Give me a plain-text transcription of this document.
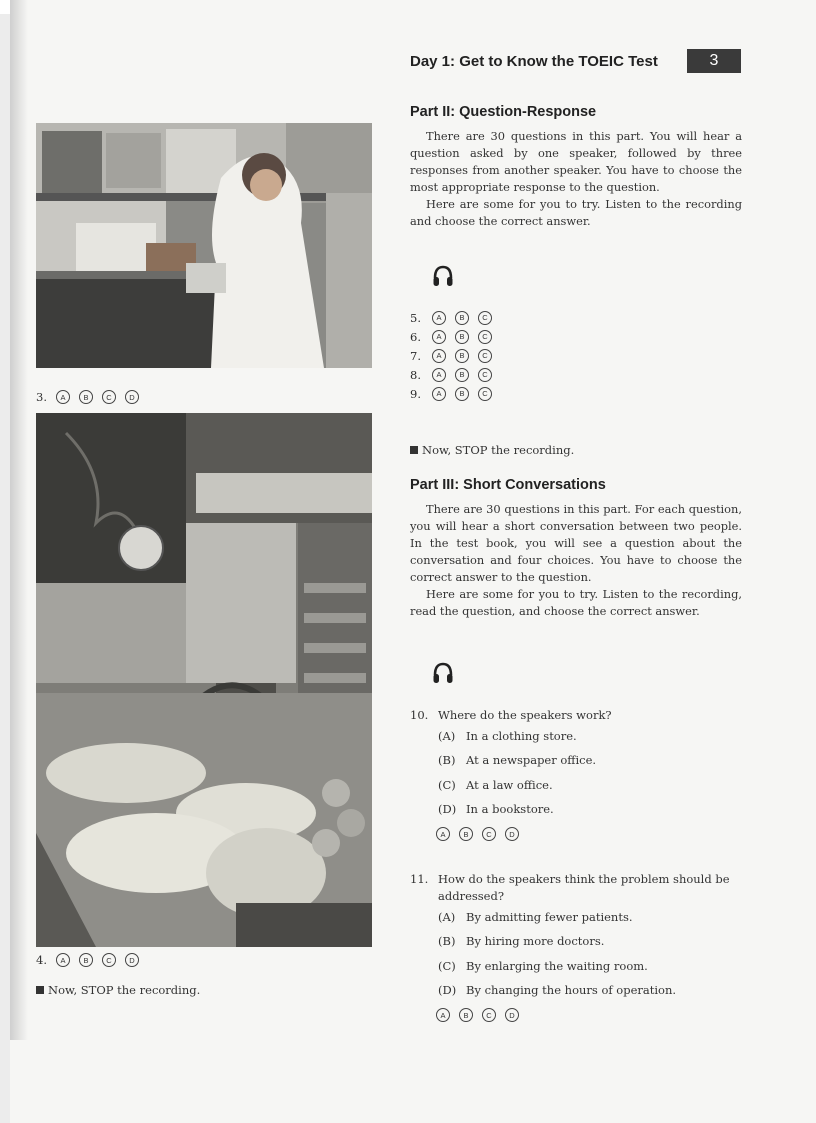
Day 1: Get to Know the TOEIC Test	3
3.	A	B	C	D
4.	A	B	C	D
Now, STOP the recording.
Part II: Question-Response

There are 30 questions in this part. You will hear a question asked by one speaker, followed by three responses from another speaker. You have to choose the most appropriate response to the question.

Here are some for you to try. Listen to the recording and choose the correct answer.

5.	A	B	C
6.	A	B	C
7.	A	B	C
8.	A	B	C
9.	A	B	C
Now, STOP the recording.
Part III: Short Conversations

There are 30 questions in this part. For each question, you will hear a short conversation between two people. In the test book, you will see a question about the conversation and four choices. You have to choose the correct answer to the question.

Here are some for you to try. Listen to the recording, read the question, and choose the correct answer.

10. Where do the speakers work?
(A) In a clothing store.
(B) At a newspaper office.
(C) At a law office.
(D) In a bookstore.
A	B	C	D
11. How do the speakers think the problem should be addressed?
(A) By admitting fewer patients.
(B) By hiring more doctors.
(C) By enlarging the waiting room.
(D) By changing the hours of operation.
A	B	C	D
